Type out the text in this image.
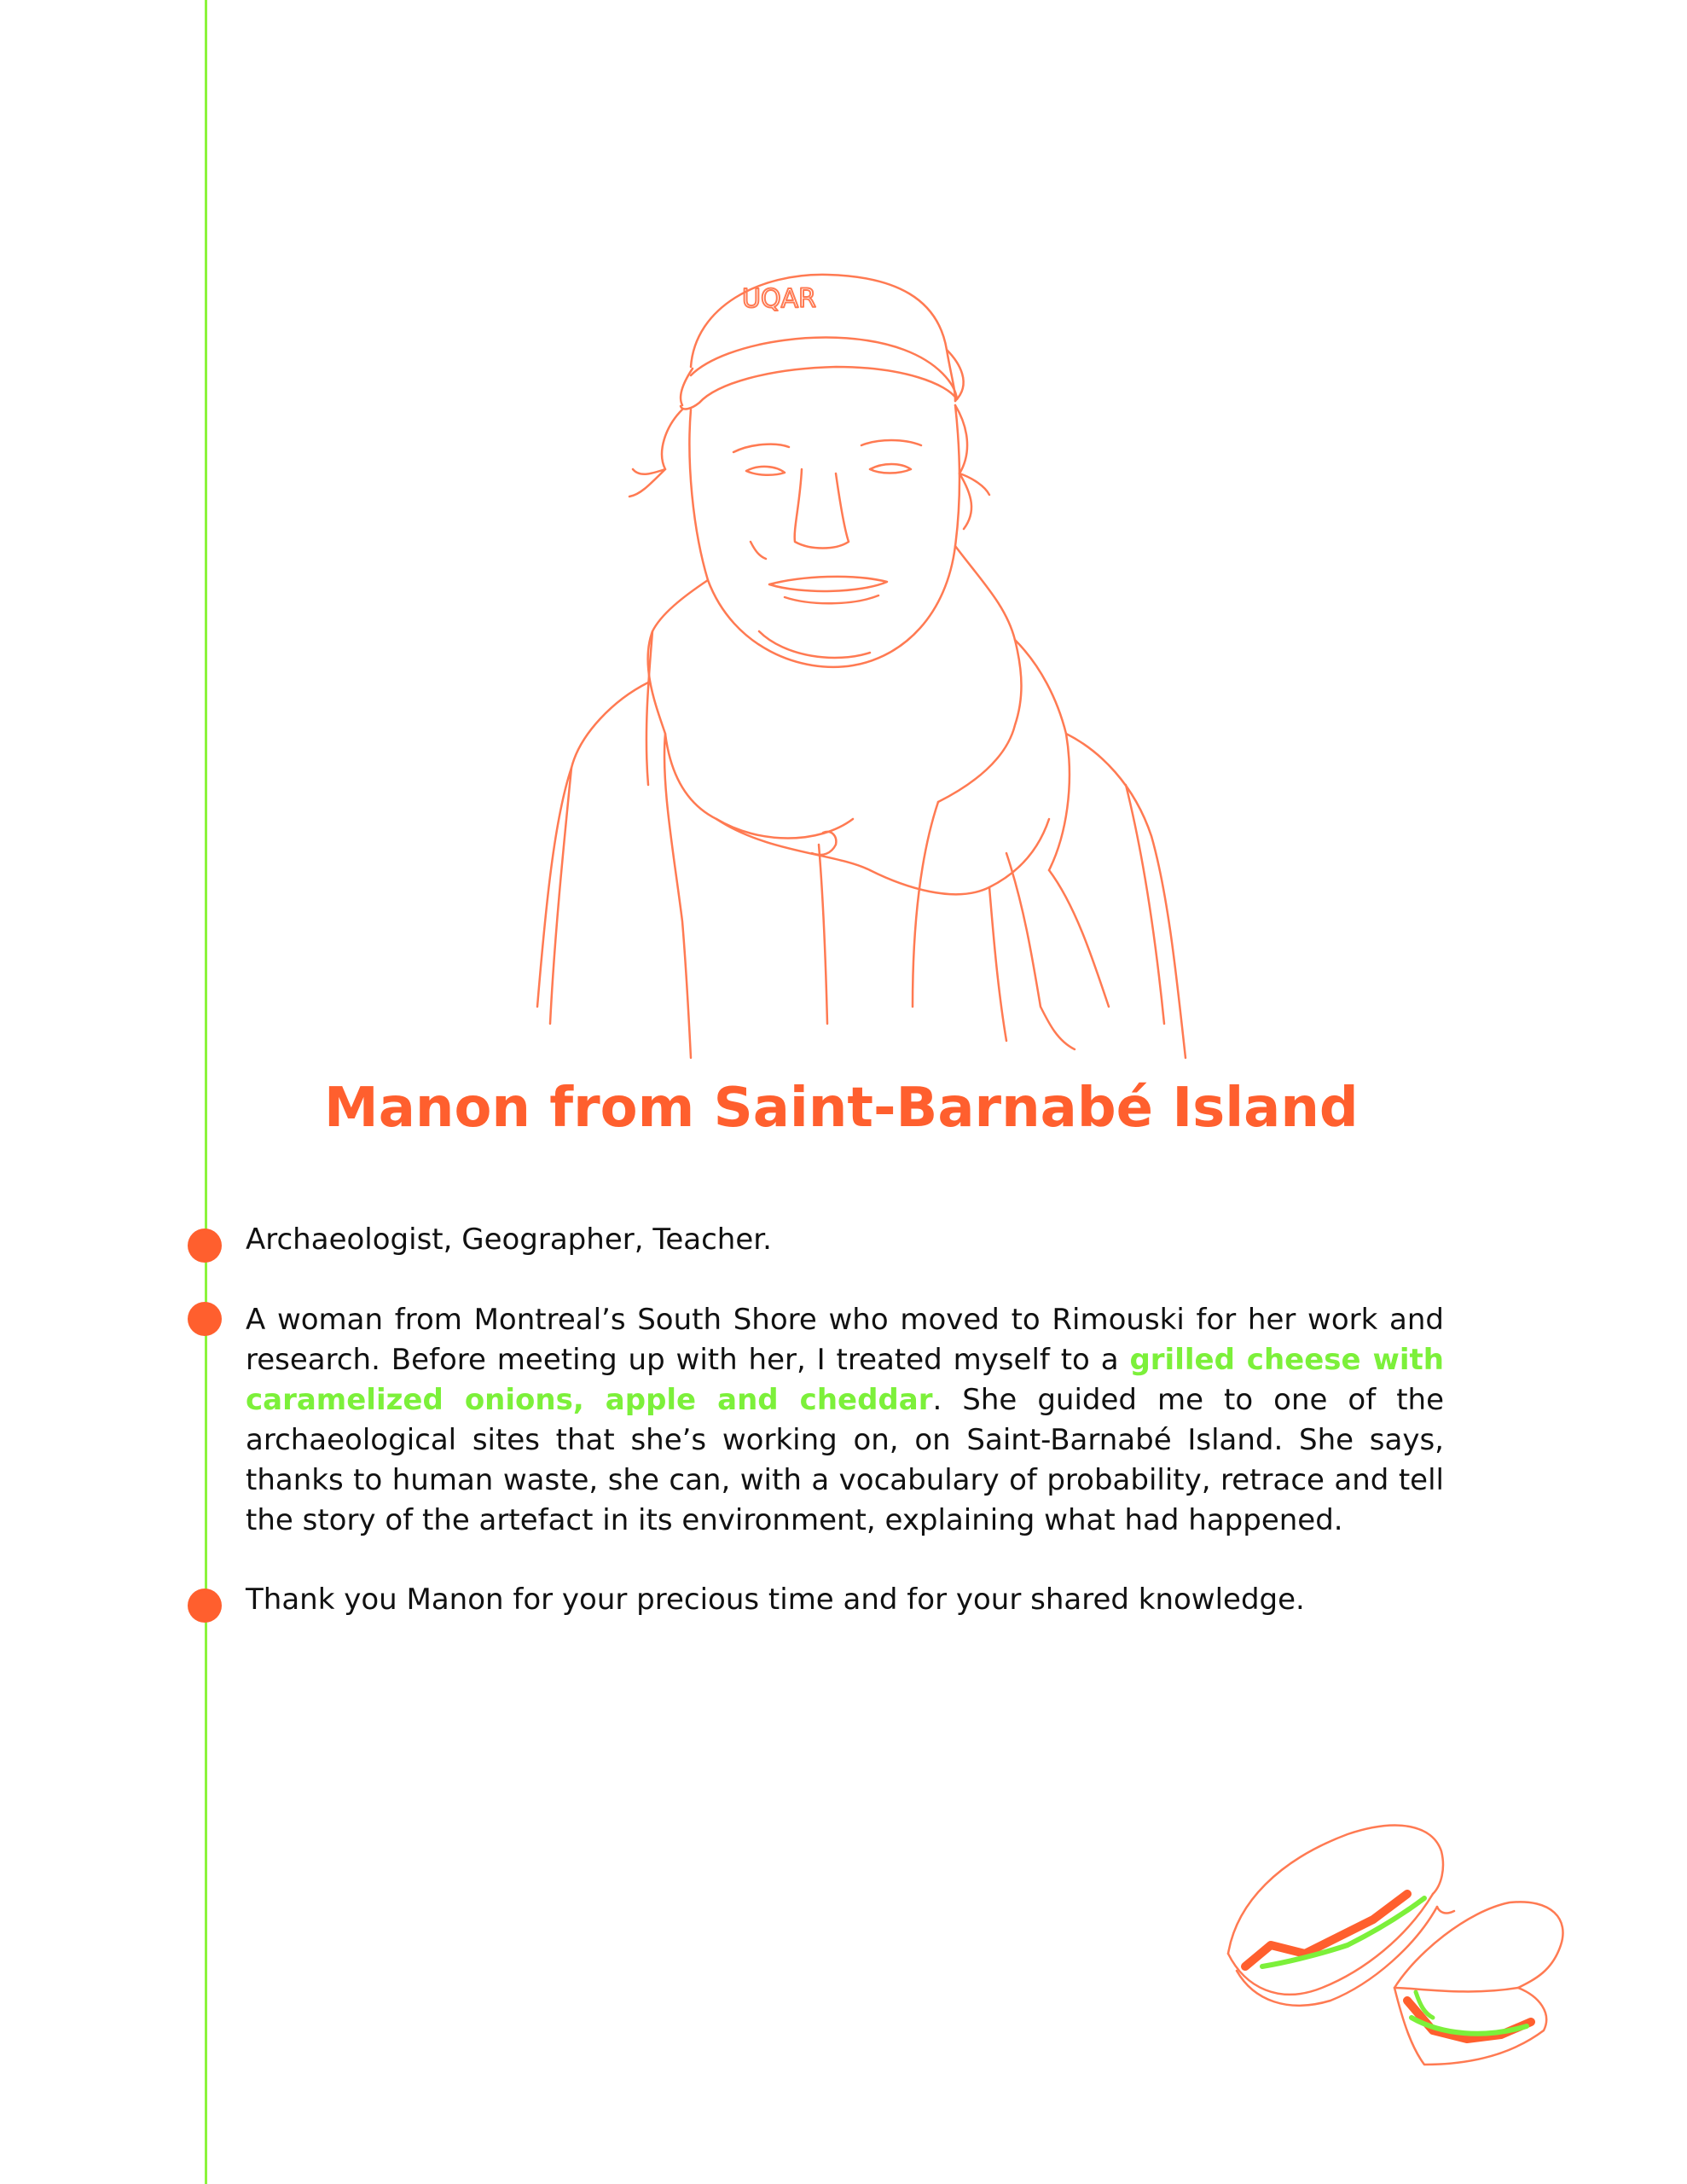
UQAR
Manon from Saint-Barnabé Island

Archaeologist, Geographer, Teacher.

A woman from Montreal’s South Shore who moved to Rimouski for her work and research. Before meeting up with her, I treated myself to a grilled cheese with caramelized onions, apple and cheddar. She guided me to one of the archaeological sites that she’s working on, on Saint-Barnabé Island. She says, thanks to human waste, she can, with a vocabulary of probability, retrace and tell the story of the artefact in its environment, explaining what had happened.

Thank you Manon for your precious time and for your shared knowledge.
